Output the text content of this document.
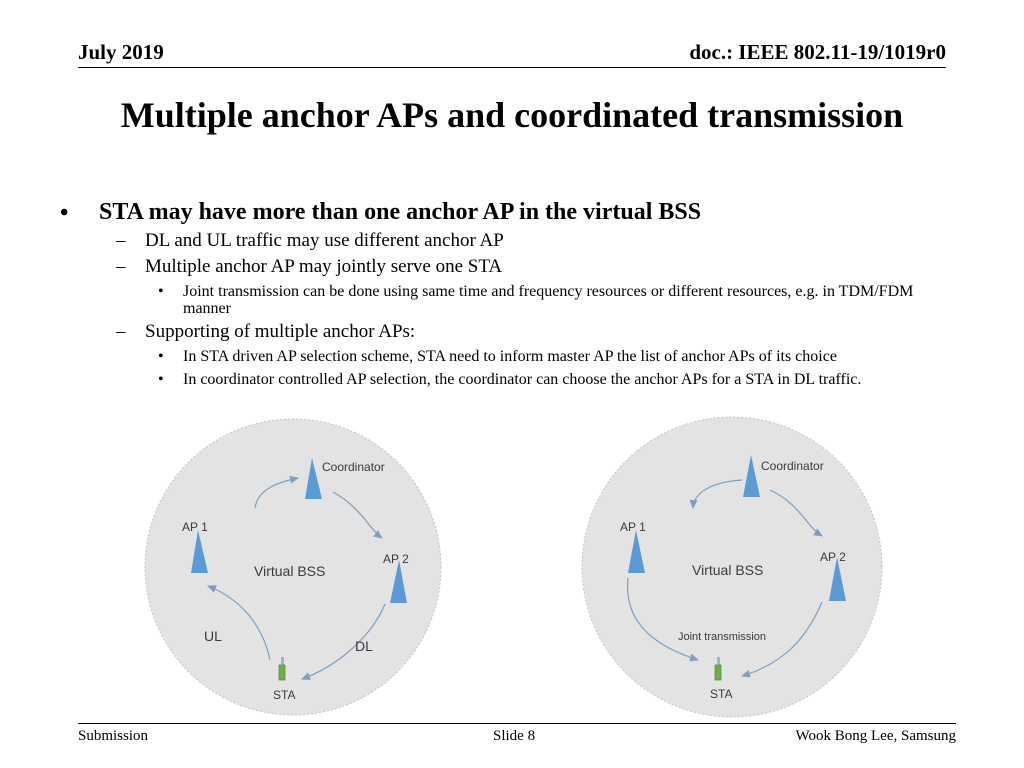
July 2019	doc.: IEEE 802.11-19/1019r0
Multiple anchor APs and coordinated transmission
• STA may have more than one anchor AP in the virtual BSS
– DL and UL traffic may use different anchor AP
– Multiple anchor AP may jointly serve one STA
• Joint transmission can be done using same time and frequency resources or different resources, e.g. in TDM/FDM manner
– Supporting of multiple anchor APs:
• In STA driven AP selection scheme, STA need to inform master AP the list of anchor APs of its choice
• In coordinator controlled AP selection, the coordinator can choose the anchor APs for a STA in DL traffic.
Coordinator
AP 1
AP 2
Virtual BSS
UL
DL
STA
Coordinator
AP 1
AP 2
Virtual BSS
Joint transmission
STA
Submission	Slide 8	Wook Bong Lee, Samsung
